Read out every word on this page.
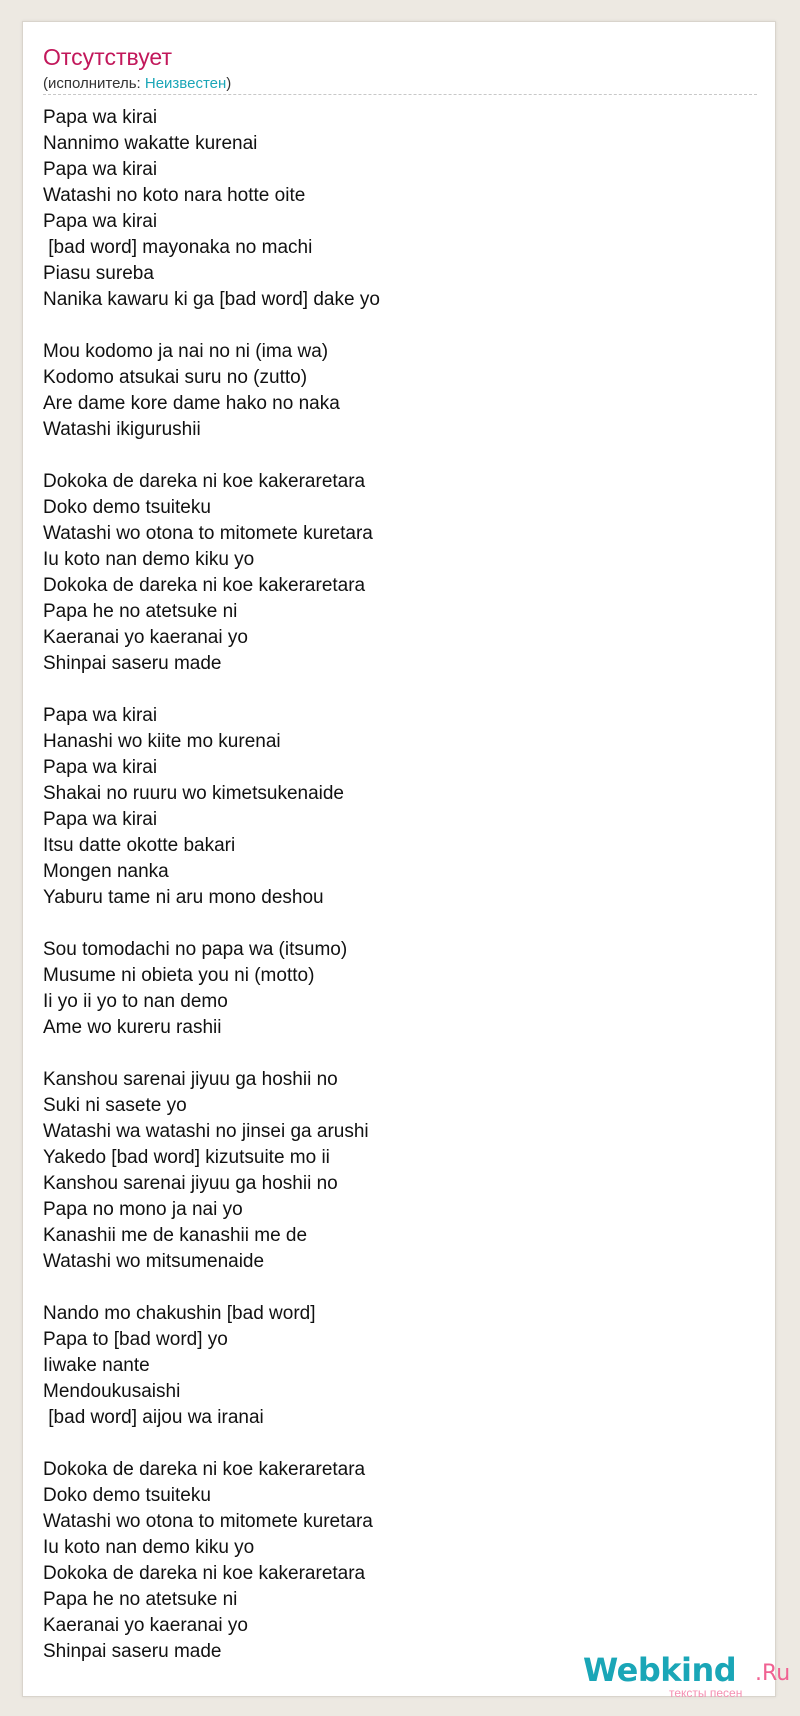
Отсутствует
(исполнитель: Неизвестен)
Papa wa kirai
Nannimo wakatte kurenai
Papa wa kirai
Watashi no koto nara hotte oite
Papa wa kirai
[bad word] mayonaka no machi
Piasu sureba
Nanika kawaru ki ga [bad word] dake yo
Mou kodomo ja nai no ni (ima wa)
Kodomo atsukai suru no (zutto)
Are dame kore dame hako no naka
Watashi ikigurushii
Dokoka de dareka ni koe kakeraretara
Doko demo tsuiteku
Watashi wo otona to mitomete kuretara
Iu koto nan demo kiku yo
Dokoka de dareka ni koe kakeraretara
Papa he no atetsuke ni
Kaeranai yo kaeranai yo
Shinpai saseru made
Papa wa kirai
Hanashi wo kiite mo kurenai
Papa wa kirai
Shakai no ruuru wo kimetsukenaide
Papa wa kirai
Itsu datte okotte bakari
Mongen nanka
Yaburu tame ni aru mono deshou
Sou tomodachi no papa wa (itsumo)
Musume ni obieta you ni (motto)
Ii yo ii yo to nan demo
Ame wo kureru rashii
Kanshou sarenai jiyuu ga hoshii no
Suki ni sasete yo
Watashi wa watashi no jinsei ga arushi
Yakedo [bad word] kizutsuite mo ii
Kanshou sarenai jiyuu ga hoshii no
Papa no mono ja nai yo
Kanashii me de kanashii me de
Watashi wo mitsumenaide
Nando mo chakushin [bad word]
Papa to [bad word] yo
Iiwake nante
Mendoukusaishi
[bad word] aijou wa iranai
Dokoka de dareka ni koe kakeraretara
Doko demo tsuiteku
Watashi wo otona to mitomete kuretara
Iu koto nan demo kiku yo
Dokoka de dareka ni koe kakeraretara
Papa he no atetsuke ni
Kaeranai yo kaeranai yo
Shinpai saseru made	Webkind .Ru
тексты песен
